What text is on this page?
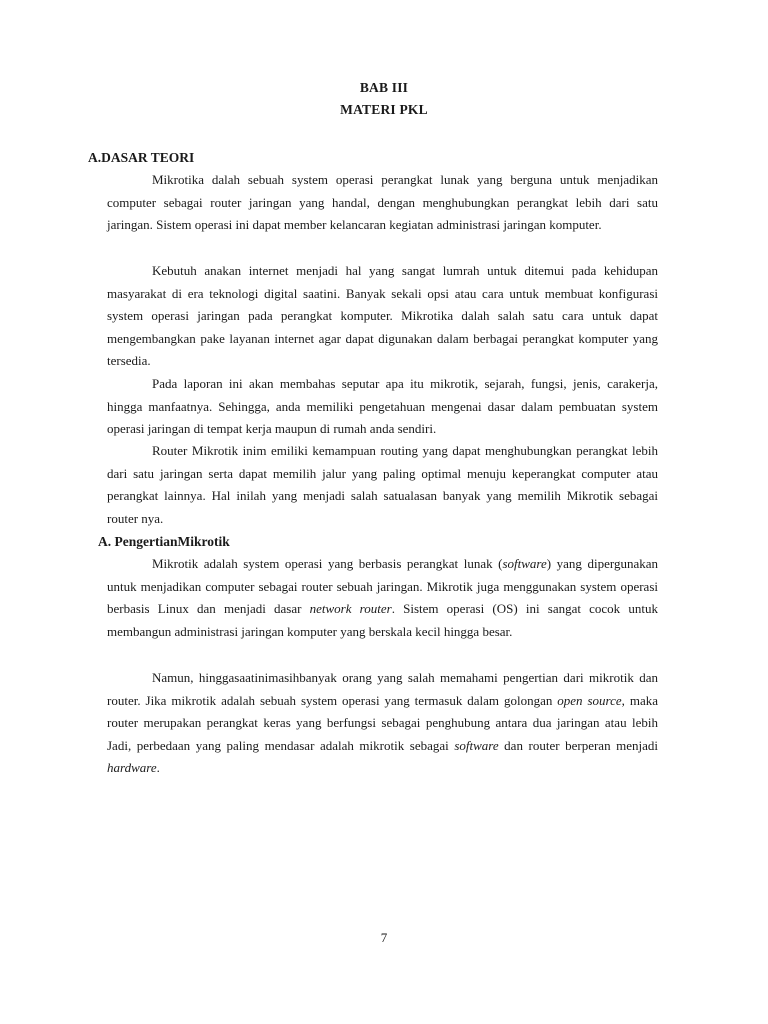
BAB III
MATERI PKL
A.DASAR TEORI

Mikrotika dalah sebuah system operasi perangkat lunak yang berguna untuk menjadikan computer sebagai router jaringan yang handal, dengan menghubungkan perangkat lebih dari satu jaringan. Sistem operasi ini dapat member kelancaran kegiatan administrasi jaringan komputer.

Kebutuh anakan internet menjadi hal yang sangat lumrah untuk ditemui pada kehidupan masyarakat di era teknologi digital saatini. Banyak sekali opsi atau cara untuk membuat konfigurasi system operasi jaringan pada perangkat komputer. Mikrotika dalah salah satu cara untuk dapat mengembangkan pake layanan internet agar dapat digunakan dalam berbagai perangkat komputer yang tersedia.

Pada laporan ini akan membahas seputar apa itu mikrotik, sejarah, fungsi, jenis, carakerja, hingga manfaatnya. Sehingga, anda memiliki pengetahuan mengenai dasar dalam pembuatan system operasi jaringan di tempat kerja maupun di rumah anda sendiri.

Router Mikrotik inim emiliki kemampuan routing yang dapat menghubungkan perangkat lebih dari satu jaringan serta dapat memilih jalur yang paling optimal menuju keperangkat computer atau perangkat lainnya. Hal inilah yang menjadi salah satualasan banyak yang memilih Mikrotik sebagai router nya.

A. PengertianMikrotik

Mikrotik adalah system operasi yang berbasis perangkat lunak (software) yang dipergunakan untuk menjadikan computer sebagai router sebuah jaringan. Mikrotik juga menggunakan system operasi berbasis Linux dan menjadi dasar network router. Sistem operasi (OS) ini sangat cocok untuk membangun administrasi jaringan komputer yang berskala kecil hingga besar.

Namun, hinggasaatinimasihbanyak orang yang salah memahami pengertian dari mikrotik dan router. Jika mikrotik adalah sebuah system operasi yang termasuk dalam golongan open source, maka router merupakan perangkat keras yang berfungsi sebagai penghubung antara dua jaringan atau lebih Jadi, perbedaan yang paling mendasar adalah mikrotik sebagai software dan router berperan menjadi hardware.

7
